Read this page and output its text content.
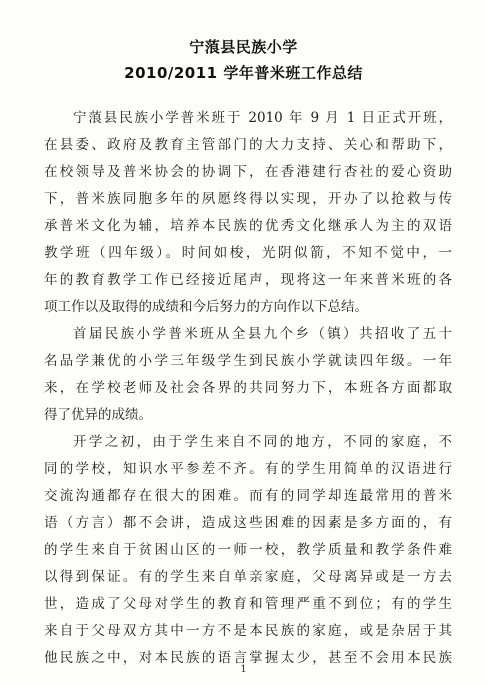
宁蒗县民族小学
2010/2011 学年普米班工作总结
宁蒗县民族小学普米班于 2010 年 9 月 1 日正式开班，
在县委、政府及教育主管部门的大力支持、关心和帮助下，
在校领导及普米协会的协调下，在香港建行杏社的爱心资助
下，普米族同胞多年的夙愿终得以实现，开办了以抢救与传
承普米文化为辅，培养本民族的优秀文化继承人为主的双语
教学班（四年级）。时间如梭，光阴似箭，不知不觉中，一
年的教育教学工作已经接近尾声，现将这一年来普米班的各
项工作以及取得的成绩和今后努力的方向作以下总结。
首届民族小学普米班从全县九个乡（镇）共招收了五十
名品学兼优的小学三年级学生到民族小学就读四年级。一年
来，在学校老师及社会各界的共同努力下，本班各方面都取
得了优异的成绩。
开学之初，由于学生来自不同的地方，不同的家庭，不
同的学校，知识水平参差不齐。有的学生用简单的汉语进行
交流沟通都存在很大的困难。而有的同学却连最常用的普米
语（方言）都不会讲，造成这些困难的因素是多方面的，有
的学生来自于贫困山区的一师一校，教学质量和教学条件难
以得到保证。有的学生来自单亲家庭，父母离异或是一方去
世，造成了父母对学生的教育和管理严重不到位；有的学生
来自于父母双方其中一方不是本民族的家庭，或是杂居于其
他民族之中，对本民族的语言掌握太少，甚至不会用本民族
1
